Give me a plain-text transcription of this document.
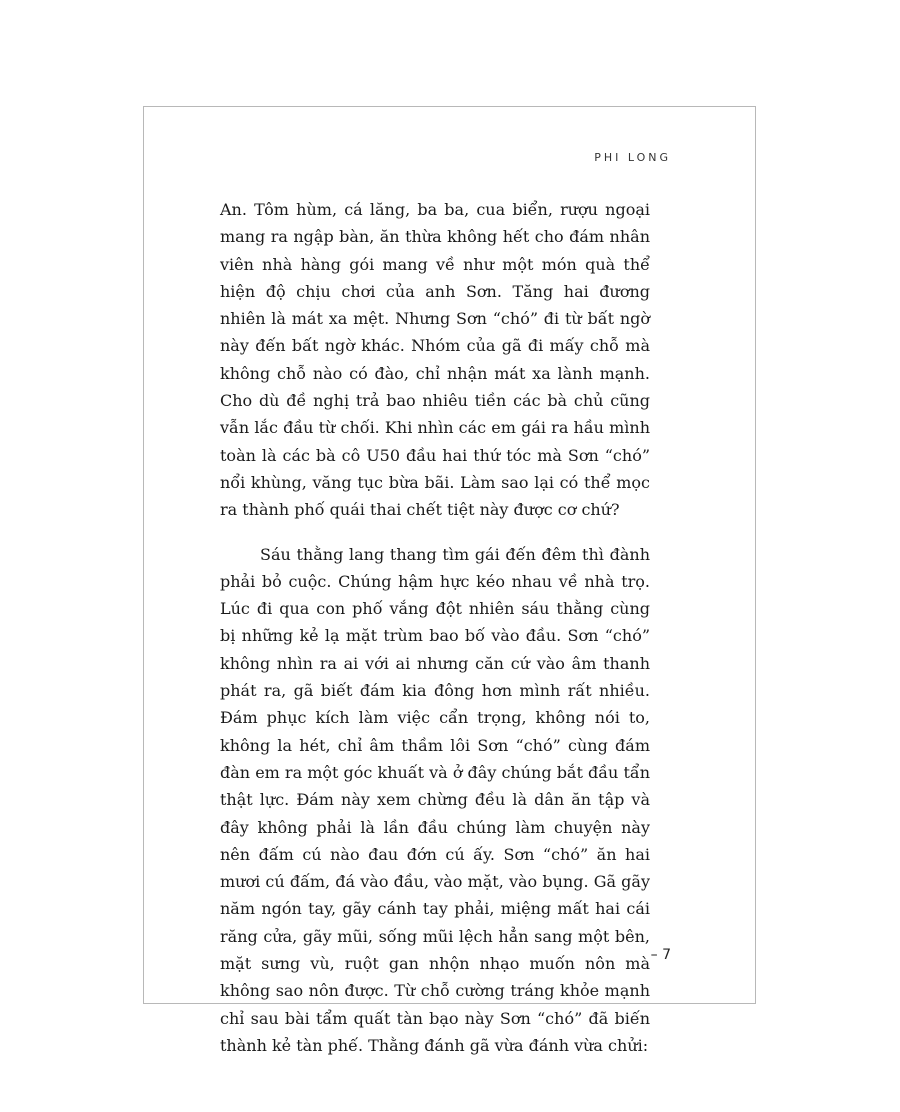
PHI LONG

An. Tôm hùm, cá lăng, ba ba, cua biển, rượu ngoại mang ra ngập bàn, ăn thừa không hết cho đám nhân viên nhà hàng gói mang về như một món quà thể hiện độ chịu chơi của anh Sơn. Tăng hai đương nhiên là mát xa mệt. Nhưng Sơn “chó” đi từ bất ngờ này đến bất ngờ khác. Nhóm của gã đi mấy chỗ mà không chỗ nào có đào, chỉ nhận mát xa lành mạnh. Cho dù đề nghị trả bao nhiêu tiền các bà chủ cũng vẫn lắc đầu từ chối. Khi nhìn các em gái ra hầu mình toàn là các bà cô U50 đầu hai thứ tóc mà Sơn “chó” nổi khùng, văng tục bừa bãi. Làm sao lại có thể mọc ra thành phố quái thai chết tiệt này được cơ chứ?

Sáu thằng lang thang tìm gái đến đêm thì đành phải bỏ cuộc. Chúng hậm hực kéo nhau về nhà trọ. Lúc đi qua con phố vắng đột nhiên sáu thằng cùng bị những kẻ lạ mặt trùm bao bố vào đầu. Sơn “chó” không nhìn ra ai với ai nhưng căn cứ vào âm thanh phát ra, gã biết đám kia đông hơn mình rất nhiều. Đám phục kích làm việc cẩn trọng, không nói to, không la hét, chỉ âm thầm lôi Sơn “chó” cùng đám đàn em ra một góc khuất và ở đây chúng bắt đầu tẩn thật lực. Đám này xem chừng đều là dân ăn tập và đây không phải là lần đầu chúng làm chuyện này nên đấm cú nào đau đớn cú ấy. Sơn “chó” ăn hai mươi cú đấm, đá vào đầu, vào mặt, vào bụng. Gã gãy năm ngón tay, gãy cánh tay phải, miệng mất hai cái răng cửa, gãy mũi, sống mũi lệch hẳn sang một bên, mặt sưng vù, ruột gan nhộn nhạo muốn nôn mà không sao nôn được. Từ chỗ cường tráng khỏe mạnh chỉ sau bài tẩm quất tàn bạo này Sơn “chó” đã biến thành kẻ tàn phế. Thằng đánh gã vừa đánh vừa chửi:

– 7
